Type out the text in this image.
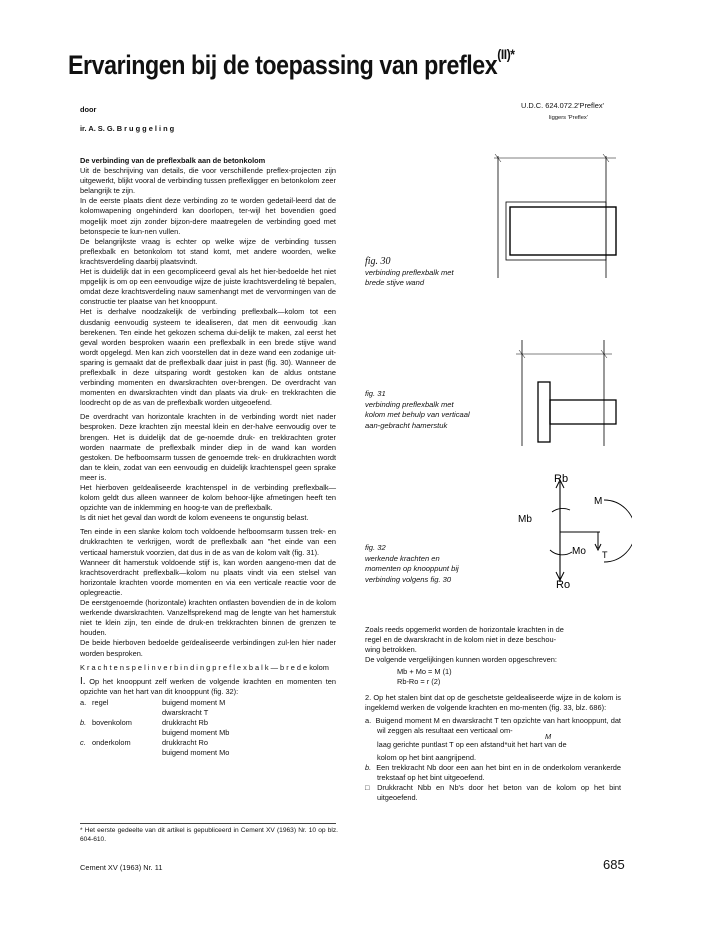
Ervaringen bij de toepassing van preflex$^{(II)*}$
U.D.C. 624.072.2'Preflex'
liggers 'Preflex'
door
ir. A. S. G. B r u g g e l i n g

De verbinding van de preflexbalk aan de betonkolom

Uit de beschrijving van details, die voor verschillende preflex-projecten zijn uitgewerkt, blijkt vooral de verbinding tussen preflexligger en betonkolom zeer belangrijk te zijn.

In de eerste plaats dient deze verbinding zo te worden gedetail-leerd dat de kolomwapening ongehinderd kan doorlopen, ter-wijl het bovendien goed mogelijk moet zijn zonder bijzon-dere maatregelen de verbinding goed met betonspecie te kun-nen vullen.

De belangrijkste vraag is echter op welke wijze de verbinding tussen preflexbalk en betonkolom tot stand komt, met andere woorden, welke krachtsverdeling daarbij plaatsvindt.

Het is duidelijk dat in een gecompliceerd geval als het hier-bedoelde het niet mpgelijk is om op een eenvoudige wijze de juiste krachtsverdeling tè bepalen, omdat deze krachtsverdeling nauw samenhangt met de vervormingen van de constructie ter plaatse van het knooppunt.

Het is derhalve noodzakelijk de verbinding preflexbalk—kolom tot een dusdanig eenvoudig systeem te idealiseren, dat men dit eenvoudig .kan berekenen. Ten einde het gekozen schema dui-delijk te maken, zal eerst het geval worden besproken waarin een preflexbalk in een brede stijve wand wordt opgelegd. Men kan zich voorstellen dat in deze wand een zodanige uit-sparing is gemaakt dat de preflexbalk daar juist in past (fig. 30). Wanneer de preflexbalk in deze uitsparing wordt gestoken kan de aldus ontstane verbinding momenten en dwarskrachten over-brengen. De overdracht van momenten en dwarskrachten vindt dan plaats via druk- en trekkrachten die loodrecht op de as van de preflexbalk worden uitgeoefend.

De overdracht van horizontale krachten in de verbinding wordt niet nader besproken. Deze krachten zijn meestal klein en der-halve eenvoudig over te brengen. Het is duidelijk dat de ge-noemde druk- en trekkrachten groter worden naarmate de preflexbalk minder diep in de wand kan worden gestoken. De hefboomsarm tussen de genoemde trek- en drukkrachten wordt dan te klein, zodat van een eenvoudig en duidelijk krachtenspel geen sprake meer is.

Het hierboven geïdealiseerde krachtenspel in de verbinding preflexbalk—kolom geldt dus alleen wanneer de kolom behoor-lijke afmetingen heeft ten opzichte van de inklemming en hoog-te van de preflexbalk.

Is dit niet het geval dan wordt de kolom eveneens te ongunstig belast.

Ten einde in een slanke kolom toch voldoende hefboomsarm tussen trek- en drukkrachten te verkrijgen, wordt de preflexbalk aan "het einde van een verticaal hamerstuk voorzien, dat dus in de as van de kolom valt (fig. 31).

Wanneer dit hamerstuk voldoende stijf is, kan worden aangeno-men dat de krachtsoverdracht preflexbalk—kolom nu plaats vindt via een stelsel van horizontale krachten voorde momenten en via een verticale reactie voor de oplegreactie.

De eerstgenoemde (horizontale) krachten ontlasten bovendien de in de kolom werkende dwarskrachten. Vanzelfsprekend mag de lengte van het hamerstuk niet te klein zijn, ten einde de druk-en trekkrachten binnen de grenzen te houden.

De beide hierboven bedoelde geïdealiseerde verbindingen zul-len hier nader worden besproken.

K r a c h t e n s p e l i n v e r b i n d i n g p r e f l e x b a l k — b r e d e kolom

I. Op het knooppunt zelf werken de volgende krachten en momenten ten opzichte van het hart van dit knooppunt (fig. 32):

a.	regel	buigend moment M
		dwarskracht T
b.	bovenkolom	drukkracht Rb
		buigend moment Mb
c.	onderkolom	drukkracht Ro
		buigend moment Mo
* Het eerste gedeelte van dit artikel is gepubliceerd in Cement XV (1963) Nr. 10 op blz. 604-610.
Rb
M
Mb
Mo
Ro
T
fig. 30
verbinding preflexbalk met brede stijve wand
fig. 31
verbinding preflexbalk met kolom met behulp van verticaal aan-gebracht hamerstuk
fig. 32
werkende krachten en momenten op knooppunt bij verbinding volgens fig. 30

Zoals reeds opgemerkt worden de horizontale krachten in de regel en de dwarskracht in de kolom niet in deze beschou-wing betrokken.

De volgende vergelijkingen kunnen worden opgeschreven:

Mb + Mo = M (1)

Rb-Ro = r (2)

2. Op het stalen bint dat op de geschetste geïdealiseerde wijze in de kolom is ingeklemd werken de volgende krachten en mo-menten (fig. 33, blz. 686):

a. Buigend moment M en dwarskracht T ten opzichte van hart knooppunt, dat wil zeggen als resultaat een verticaal om-

M
laag gerichte puntlast T op een afstand*uit het hart van de

kolom op het bint aangrijpend.

b. Een trekkracht Nb door een aan het bint en in de onderkolom verankerde trekstaaf op het bint uitgeoefend.

□ Drukkracht Nbb en Nb's door het beton van de kolom op het bint uitgeoefend.

Cement XV (1963) Nr. 11	685
